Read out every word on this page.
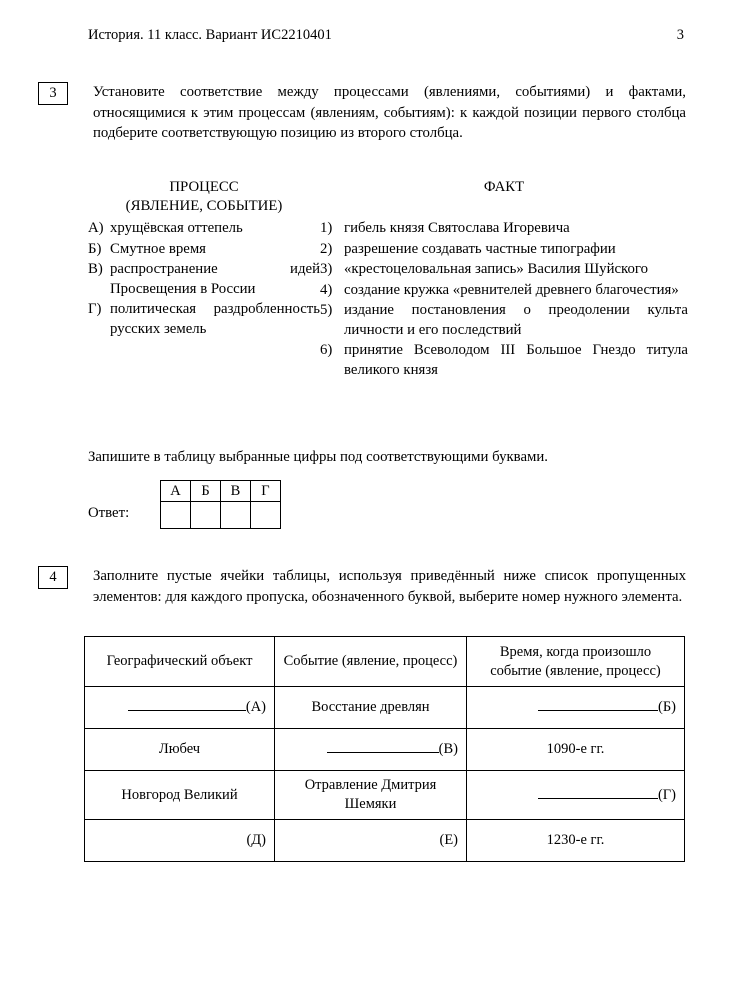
История. 11 класс. Вариант ИС2210401	3
3	Установите соответствие между процессами (явлениями, событиями) и фактами, относящимися к этим процессам (явлениям, событиям): к каждой позиции первого столбца подберите соответствующую позицию из второго столбца.

ПРОЦЕСС
(ЯВЛЕНИЕ, СОБЫТИЕ)
ФАКТ
А) хрущёвская оттепель
Б) Смутное время
В) распространение идей Просвещения в России
Г) политическая раздробленность русских земель
1) гибель князя Святослава Игоревича
2) разрешение создавать частные типографии
3) «крестоцеловальная запись» Василия Шуйского
4) создание кружка «ревнителей древнего благочестия»
5) издание постановления о преодолении культа личности и его последствий
6) принятие Всеволодом III Большое Гнездо титула великого князя
Запишите в таблицу выбранные цифры под соответствующими буквами.
Ответ:
А	Б	В	Г

4	Заполните пустые ячейки таблицы, используя приведённый ниже список пропущенных элементов: для каждого пропуска, обозначенного буквой, выберите номер нужного элемента.

Географический объект	Событие (явление, процесс)	Время, когда произошло событие (явление, процесс)

(А)	Восстание древлян	(Б)

Любеч	(В)	1090-е гг.
Новгород Великий	Отравление Дмитрия Шемяки	(Г)

(Д)	(Е)	1230-е гг.
